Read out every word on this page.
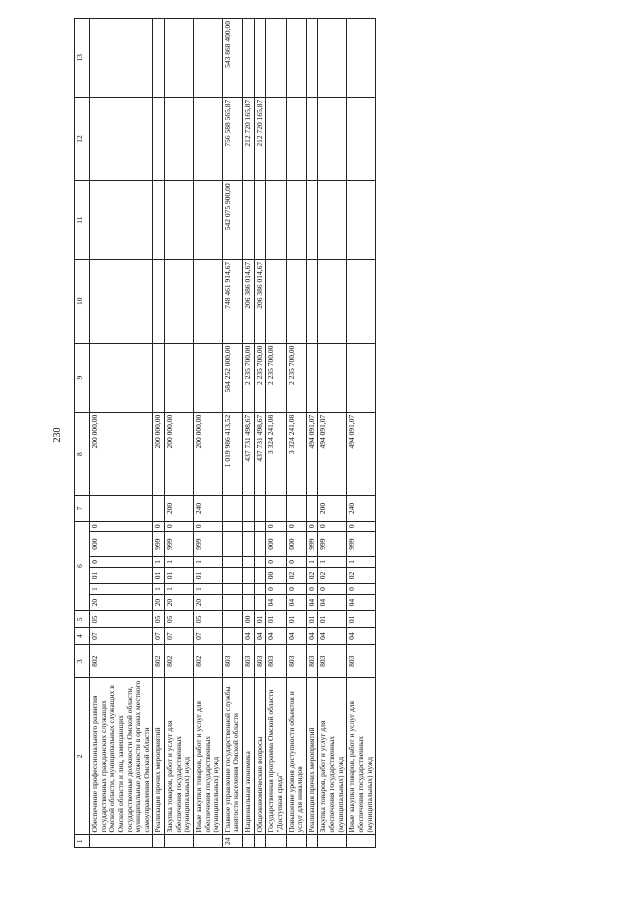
230
1	2	3	4	5	6						7	8	9	10	11	12	13
	Обеспечение профессионального развития государственных гражданских служащих Омской области, муниципальных служащих в Омской области и лиц, замещающих государственные должности Омской области, муниципальные должности в органах местного самоуправления Омской области	802	07	05	20	1	01	0	000	0		200 000,00					
	Реализация прочих мероприятий	802	07	05	20	1	01	1	999	0		200 000,00					
	Закупка товаров, работ и услуг для обеспечения государственных (муниципальных) нужд	802	07	05	20	1	01	1	999	0	200	200 000,00					
	Иные закупки товаров, работ и услуг для обеспечения государственных (муниципальных) нужд	802	07	05	20	1	01	1	999	0	240	200 000,00					
24	Главное управление государственной службы занятости населения Омской области	803										1 019 986 413,52	584 252 000,00	748 461 914,67	542 075 900,00	756 588 565,87	543 868 400,00
	Национальная экономика	803	04	00								437 731 498,67	2 235 700,00	206 386 014,67		212 720 165,87	
	Общеэкономические вопросы	803	04	01								437 731 498,67	2 235 700,00	206 386 014,67		212 720 165,87	
	Государственная программа Омской области "Доступная среда"	803	04	01	04	0	00	0	000	0		3 324 241,08	2 235 700,00				
	Повышение уровня доступности объектов и услуг для инвалидов	803	04	01	04	0	02	0	000	0		3 324 241,08	2 235 700,00				
	Реализация прочих мероприятий	803	04	01	04	0	02	1	999	0		494 091,07					
	Закупка товаров, работ и услуг для обеспечения государственных (муниципальных) нужд	803	04	01	04	0	02	1	999	0	200	494 091,07					
	Иные закупки товаров, работ и услуг для обеспечения государственных (муниципальных) нужд	803	04	01	04	0	02	1	999	0	240	494 091,07					
